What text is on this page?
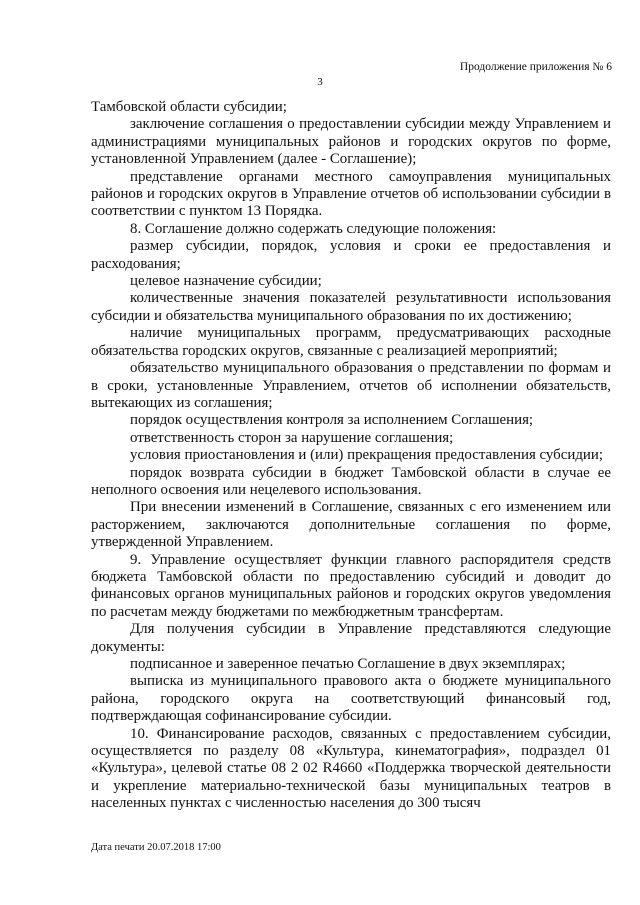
Продолжение приложения № 6
3

Тамбовской области субсидии;

заключение соглашения о предоставлении субсидии между Управлением и администрациями муниципальных районов и городских округов по форме, установленной Управлением (далее - Соглашение);

представление органами местного самоуправления муниципальных районов и городских округов в Управление отчетов об использовании субсидии в соответствии с пунктом 13 Порядка.

8. Соглашение должно содержать следующие положения:

размер субсидии, порядок, условия и сроки ее предоставления и расходования;

целевое назначение субсидии;

количественные значения показателей результативности использования субсидии и обязательства муниципального образования по их достижению;

наличие муниципальных программ, предусматривающих расходные обязательства городских округов, связанные с реализацией мероприятий;

обязательство муниципального образования о представлении по формам и в сроки, установленные Управлением, отчетов об исполнении обязательств, вытекающих из соглашения;

порядок осуществления контроля за исполнением Соглашения;

ответственность сторон за нарушение соглашения;

условия приостановления и (или) прекращения предоставления субсидии;

порядок возврата субсидии в бюджет Тамбовской области в случае ее неполного освоения или нецелевого использования.

При внесении изменений в Соглашение, связанных с его изменением или расторжением, заключаются дополнительные соглашения по форме, утвержденной Управлением.

9. Управление осуществляет функции главного распорядителя средств бюджета Тамбовской области по предоставлению субсидий и доводит до финансовых органов муниципальных районов и городских округов уведомления по расчетам между бюджетами по межбюджетным трансфертам.

Для получения субсидии в Управление представляются следующие документы:

подписанное и заверенное печатью Соглашение в двух экземплярах;

выписка из муниципального правового акта о бюджете муниципального района, городского округа на соответствующий финансовый год, подтверждающая софинансирование субсидии.

10. Финансирование расходов, связанных с предоставлением субсидии, осуществляется по разделу 08 «Культура, кинематография», подраздел 01 «Культура», целевой статье 08 2 02 R4660 «Поддержка творческой деятельности и укрепление материально-технической базы муниципальных театров в населенных пунктах с численностью населения до 300 тысяч

Дата печати 20.07.2018 17:00
